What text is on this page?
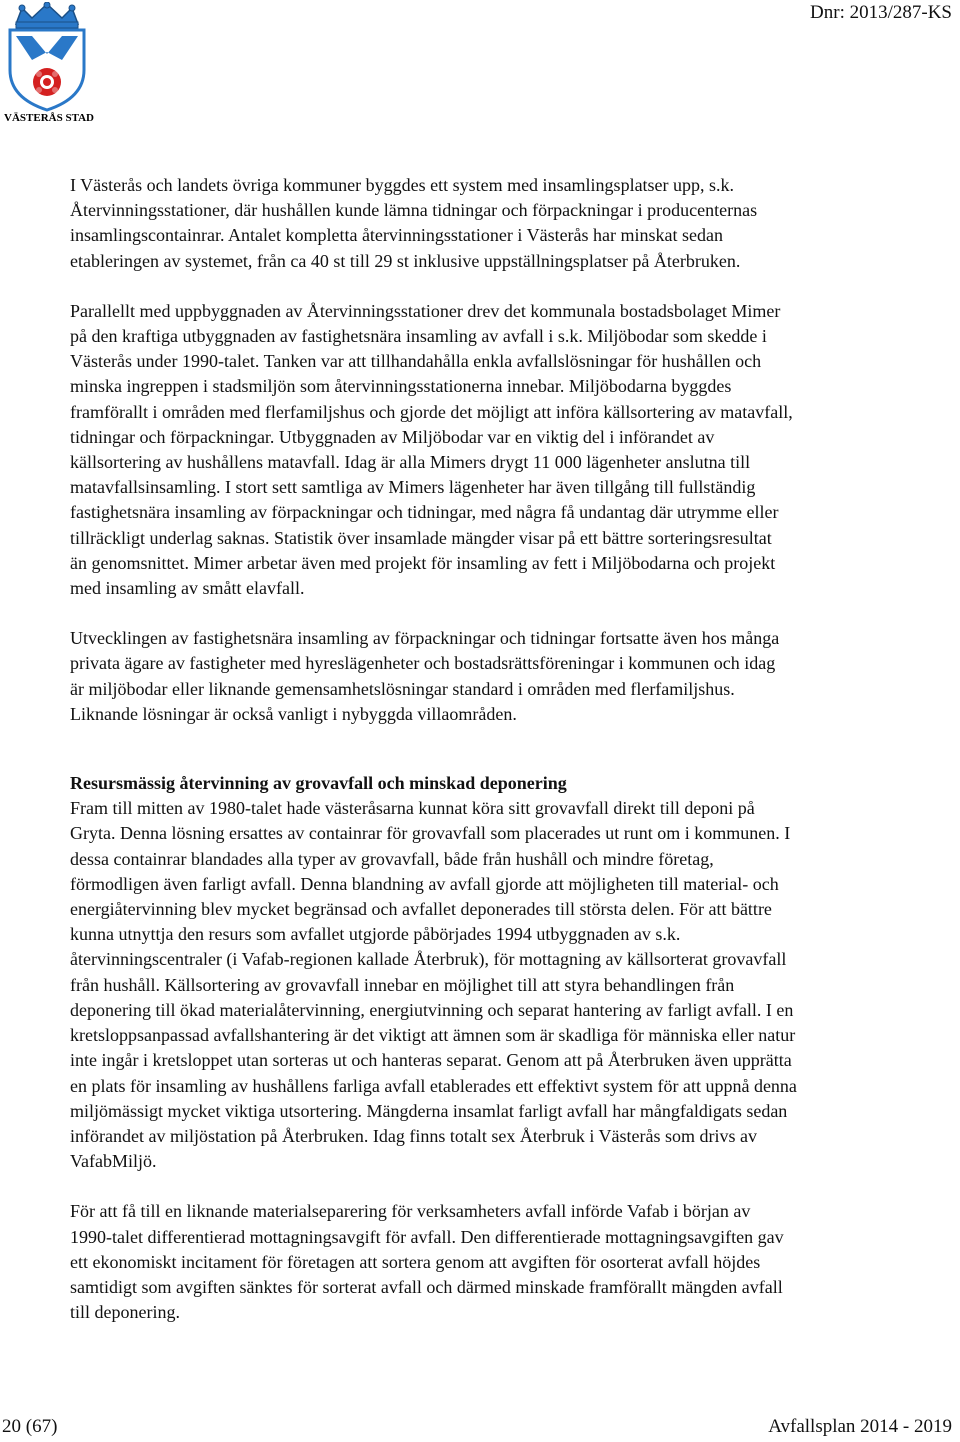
VÄSTERÅS STAD
Dnr: 2013/287-KS

I Västerås och landets övriga kommuner byggdes ett system med insamlingsplatser upp, s.k.
Återvinningsstationer, där hushållen kunde lämna tidningar och förpackningar i producenternas
insamlingscontainrar. Antalet kompletta återvinningsstationer i Västerås har minskat sedan
etableringen av systemet, från ca 40 st till 29 st inklusive uppställningsplatser på Återbruken.

Parallellt med uppbyggnaden av Återvinningsstationer drev det kommunala bostadsbolaget Mimer
på den kraftiga utbyggnaden av fastighetsnära insamling av avfall i s.k. Miljöbodar som skedde i
Västerås under 1990-talet. Tanken var att tillhandahålla enkla avfallslösningar för hushållen och
minska ingreppen i stadsmiljön som återvinningsstationerna innebar. Miljöbodarna byggdes
framförallt i områden med flerfamiljshus och gjorde det möjligt att införa källsortering av matavfall,
tidningar och förpackningar. Utbyggnaden av Miljöbodar var en viktig del i införandet av
källsortering av hushållens matavfall. Idag är alla Mimers drygt 11 000 lägenheter anslutna till
matavfallsinsamling. I stort sett samtliga av Mimers lägenheter har även tillgång till fullständig
fastighetsnära insamling av förpackningar och tidningar, med några få undantag där utrymme eller
tillräckligt underlag saknas. Statistik över insamlade mängder visar på ett bättre sorteringsresultat
än genomsnittet. Mimer arbetar även med projekt för insamling av fett i Miljöbodarna och projekt
med insamling av smått elavfall.

Utvecklingen av fastighetsnära insamling av förpackningar och tidningar fortsatte även hos många
privata ägare av fastigheter med hyreslägenheter och bostadsrättsföreningar i kommunen och idag
är miljöbodar eller liknande gemensamhetslösningar standard i områden med flerfamiljshus.
Liknande lösningar är också vanligt i nybyggda villaområden.

Resursmässig återvinning av grovavfall och minskad deponering

Fram till mitten av 1980-talet hade västeråsarna kunnat köra sitt grovavfall direkt till deponi på
Gryta. Denna lösning ersattes av containrar för grovavfall som placerades ut runt om i kommunen. I
dessa containrar blandades alla typer av grovavfall, både från hushåll och mindre företag,
förmodligen även farligt avfall. Denna blandning av avfall gjorde att möjligheten till material- och
energiåtervinning blev mycket begränsad och avfallet deponerades till största delen. För att bättre
kunna utnyttja den resurs som avfallet utgjorde påbörjades 1994 utbyggnaden av s.k.
återvinningscentraler (i Vafab-regionen kallade Återbruk), för mottagning av källsorterat grovavfall
från hushåll. Källsortering av grovavfall innebar en möjlighet till att styra behandlingen från
deponering till ökad materialåtervinning, energiutvinning och separat hantering av farligt avfall. I en
kretsloppsanpassad avfallshantering är det viktigt att ämnen som är skadliga för människa eller natur
inte ingår i kretsloppet utan sorteras ut och hanteras separat. Genom att på Återbruken även upprätta
en plats för insamling av hushållens farliga avfall etablerades ett effektivt system för att uppnå denna
miljömässigt mycket viktiga utsortering. Mängderna insamlat farligt avfall har mångfaldigats sedan
införandet av miljöstation på Återbruken. Idag finns totalt sex Återbruk i Västerås som drivs av
VafabMiljö.

För att få till en liknande materialseparering för verksamheters avfall införde Vafab i början av
1990-talet differentierad mottagningsavgift för avfall. Den differentierade mottagningsavgiften gav
ett ekonomiskt incitament för företagen att sortera genom att avgiften för osorterat avfall höjdes
samtidigt som avgiften sänktes för sorterat avfall och därmed minskade framförallt mängden avfall
till deponering.

20 (67)	Avfallsplan 2014 - 2019
